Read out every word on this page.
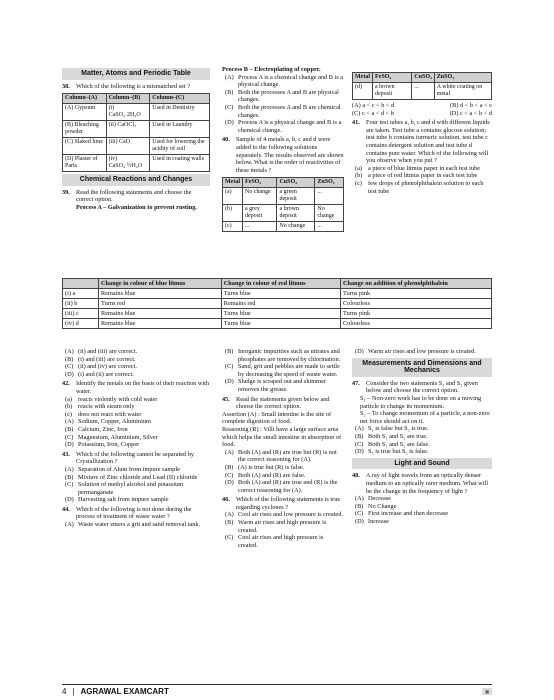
Matter, Atoms and Periodic Table
38. Which of the following is a mismatched set ?
Column–(A)	Column–(B)	Column–(C)
(A) Gypsum	(i) CaSO₄·2H₂O	Used in Dentistry
(B) Bleaching powder	(ii) CaOCl₂	Used in Laundry
(C) Slaked lime	(iii) CaO	Used for lowering the acidity of soil
(D) Plaster of Paris	(iv) CaSO₄·½H₂O	Used in coating walls
Chemical Reactions and Changes
39. Read the following statements and choose the correct option.
Process A – Galvanization to prevent rusting.
Process B – Electroplating of copper.
(A) Process A is a chemical change and B is a physical change.
(B) Both the processes A and B are physical changes.
(C) Both the processes A and B are chemical changes.
(D) Process A is a physical change and B is a chemical change.
40. Sample of 4 metals a, b, c and d were added to the following solutions separately. The results observed are shown below. What is the order of reactivities of these metals ?
Metal	FeSO₄	CuSO₄	ZnSO₄
(a)	No change	a green deposit	...
(b)	a grey deposit	a brown deposit	No change
(c)	...	No change	...
Metal	FeSO₄	CuSO₄	ZnSO₄
(d)	a brown deposit	...	A white coating on metal
(A) a < c < b < d	(B) d < b < a < c
(C) c < a < d < b	(D) c < a < b < d
41. Four test tubes a, b, c and d with different liquids are taken. Test tube a contains glucose solution; test tube b contains turmeric solution, test tube c contains detergent solution and test tube d contains pure water. Which of the following will you observe when you put ?
(a) a piece of blue litmus paper in each test tube
(b) a piece of red litmus paper in each test tube
(c) few drops of phenolphthalein solution to each test tube
	Change in colour of blue litmus	Change in colour of red litmus	Change on addition of phenolphthalein
(i) a	Remains blue	Turns blue	Turns pink
(ii) b	Turns red	Remains red	Colourless
(iii) c	Remains blue	Turns blue	Turns pink
(iv) d	Remains blue	Turns blue	Colourless
(A) (ii) and (iii) are correct.
(B) (i) and (iii) are correct.
(C) (ii) and (iv) are correct.
(D) (i) and (ii) are correct.
42. Identify the metals on the basis of their reaction with water.
(a) reacts violently with cold water
(b) reacts with steam only
(c) does not react with water
(A) Sodium, Copper, Aluminium
(B) Calcium, Zinc, Iron
(C) Magnesium, Aluminium, Silver
(D) Potassium, Iron, Copper
43. Which of the following cannot be separated by Crystallization ?
(A) Separation of Alum from impure sample
(B) Mixture of Zinc chloride and Lead (II) chloride
(C) Solution of methyl alcohol and potassium permanganate
(D) Harvesting salt from impure sample
44. Which of the following is not done during the process of treatment of waste water ?
(A) Waste water enters a grit and sand removal tank.
(B) Inorganic impurities such as nitrates and phosphates are removed by chlorination.
(C) Sand, grit and pebbles are made to settle by decreasing the speed of waste water.
(D) Sludge is scraped out and skimmer removes the grease.
45. Read the statements given below and choose the correct option.
Assertion (A) : Small intestine is the site of complete digestion of food.
Reasoning (R) : Villi have a large surface area which helps the small intestine in absorption of food.
(A) Both (A) and (R) are true but (R) is not the correct reasoning for (A).
(B) (A) is true but (R) is false.
(C) Both (A) and (R) are false.
(D) Both (A) and (R) are true and (R) is the correct reasoning for (A).
46. Which of the following statements is true regarding cyclones ?
(A) Cool air rises and low pressure is created.
(B) Warm air rises and high pressure is created.
(C) Cool air rises and high pressure is created.
(D) Warm air rises and low pressure is created.
Measurements and Dimensions and Mechanics
47. Consider the two statements S₁ and S₂ given below and choose the correct option.
S₁ – Non-zero work has to be done on a moving particle to change its momentum.
S₂ – To change momentum of a particle, a non-zero net force should act on it.
(A) S₁ is false but S₂ is true.
(B) Both S₁ and S₂ are true.
(C) Both S₁ and S₂ are false.
(D) S₁ is true but S₂ is false.
Light and Sound
48. A ray of light travels from an optically denser medium to an optically rarer medium. What will be the change in the frequency of light ?
(A) Decrease
(B) No Change
(C) First increase and then decrease
(D) Increase
4 | AGRAWAL EXAMCART	▦
